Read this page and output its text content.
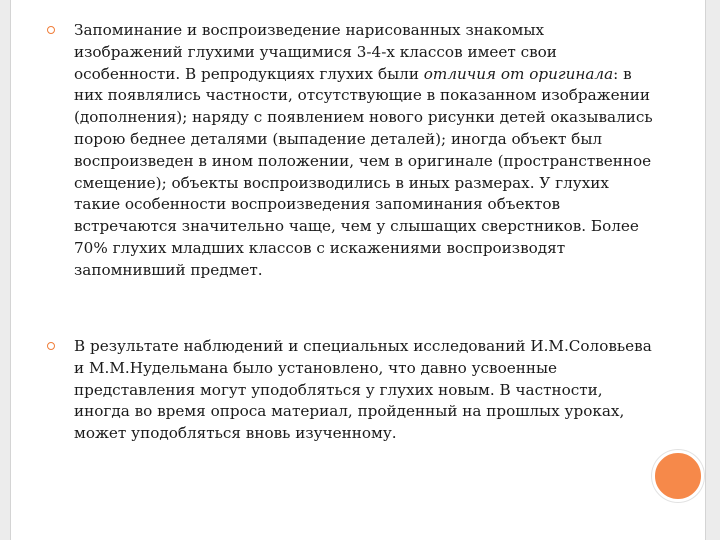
Запоминание и воспроизведение нарисованных знакомых изображений глухими учащимися 3-4-х классов имеет свои особенности. В репродукциях глухих были отличия от оригинала: в них появлялись частности, отсутствующие в показанном изображении (дополнения); наряду с появлением нового рисунки детей оказывались порою беднее деталями (выпадение деталей); иногда объект был воспроизведен в ином положении, чем в оригинале (пространственное смещение); объекты воспроизводились в иных размерах. У глухих такие особенности воспроизведения запоминания объектов встречаются значительно чаще, чем у слышащих сверстников. Более 70% глухих младших классов с искажениями воспроизводят запомнивший предмет.

В результате наблюдений и специальных исследований И.М.Соловьева и М.М.Нудельмана было установлено, что давно усвоенные представления могут уподобляться у глухих новым. В частности, иногда во время опроса материал, пройденный на прошлых уроках, может уподобляться вновь изученному.
